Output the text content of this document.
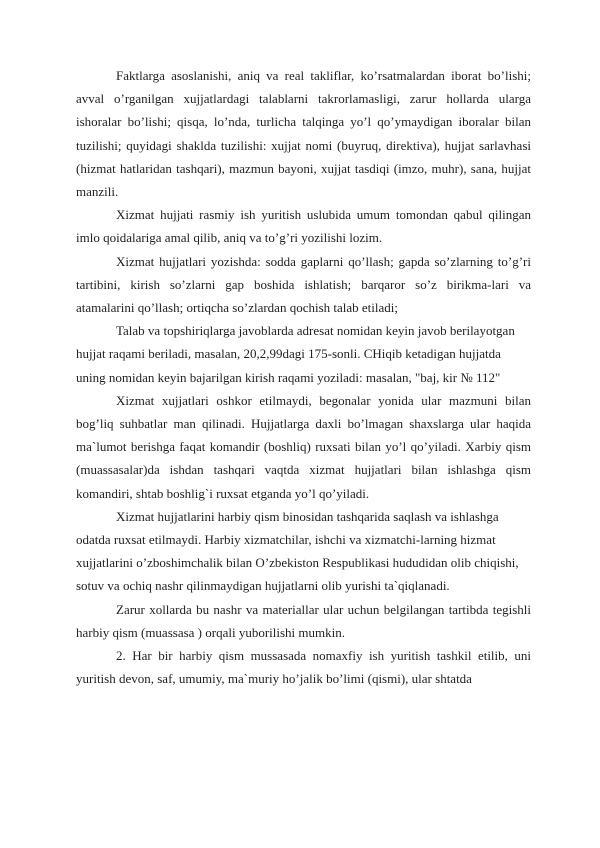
Faktlarga asoslanishi, aniq va real takliflar, ko’rsatmalardan iborat bo’lishi; avval o’rganilgan xujjatlardagi talablarni takrorlamasligi, zarur hollarda ularga ishoralar bo’lishi; qisqa, lo’nda, turlicha talqinga yo’l qo’ymaydigan iboralar bilan tuzilishi; quyidagi shaklda tuzilishi: xujjat nomi (buyruq, direktiva), hujjat sarlavhasi (hizmat hatlaridan tashqari), mazmun bayoni, xujjat tasdiqi (imzo, muhr), sana, hujjat manzili.

Xizmat hujjati rasmiy ish yuritish uslubida umum tomondan qabul qilingan imlo qoidalariga amal qilib, aniq va to’g’ri yozilishi lozim.

Xizmat hujjatlari yozishda: sodda gaplarni qo’llash; gapda so’zlarning to’g’ri tartibini, kirish so’zlarni gap boshida ishlatish; barqaror so’z birikma-lari va atamalarini qo’llash; ortiqcha so’zlardan qochish talab etiladi;

Talab va topshiriqlarga javoblarda adresat nomidan keyin javob berilayotgan hujjat raqami beriladi, masalan, 20,2,99dagi 175-sonli. CHiqib ketadigan hujjatda uning nomidan keyin bajarilgan kirish raqami yoziladi: masalan, "baj, kir № 112"

Xizmat xujjatlari oshkor etilmaydi, begonalar yonida ular mazmuni bilan bog’liq suhbatlar man qilinadi. Hujjatlarga daxli bo’lmagan shaxslarga ular haqida ma`lumot berishga faqat komandir (boshliq) ruxsati bilan yo’l qo’yiladi. Xarbiy qism (muassasalar)da ishdan tashqari vaqtda xizmat hujjatlari bilan ishlashga qism komandiri, shtab boshlig`i ruxsat etganda yo’l qo’yiladi.

Xizmat hujjatlarini harbiy qism binosidan tashqarida saqlash va ishlashga odatda ruxsat etilmaydi. Harbiy xizmatchilar, ishchi va xizmatchi-larning hizmat xujjatlarini o’zboshimchalik bilan O’zbekiston Respublikasi hududidan olib chiqishi, sotuv va ochiq nashr qilinmaydigan hujjatlarni olib yurishi ta`qiqlanadi.

Zarur xollarda bu nashr va materiallar ular uchun belgilangan tartibda tegishli harbiy qism (muassasa ) orqali yuborilishi mumkin.

2. Har bir harbiy qism mussasada nomaxfiy ish yuritish tashkil etilib, uni yuritish devon, saf, umumiy, ma`muriy ho’jalik bo’limi (qismi), ular shtatda
